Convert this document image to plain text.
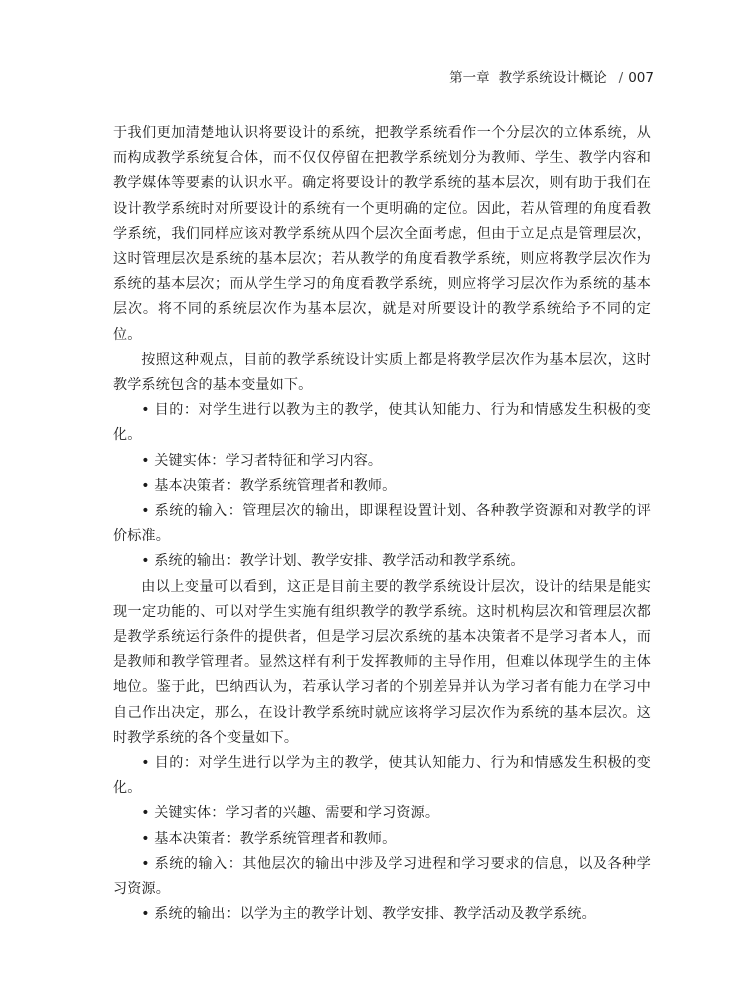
第一章 教学系统设计概论 / 007

于我们更加清楚地认识将要设计的系统，把教学系统看作一个分层次的立体系统，从而构成教学系统复合体，而不仅仅停留在把教学系统划分为教师、学生、教学内容和教学媒体等要素的认识水平。确定将要设计的教学系统的基本层次，则有助于我们在设计教学系统时对所要设计的系统有一个更明确的定位。因此，若从管理的角度看教学系统，我们同样应该对教学系统从四个层次全面考虑，但由于立足点是管理层次，这时管理层次是系统的基本层次；若从教学的角度看教学系统，则应将教学层次作为系统的基本层次；而从学生学习的角度看教学系统，则应将学习层次作为系统的基本层次。将不同的系统层次作为基本层次，就是对所要设计的教学系统给予不同的定位。

按照这种观点，目前的教学系统设计实质上都是将教学层次作为基本层次，这时教学系统包含的基本变量如下。

• 目的：对学生进行以教为主的教学，使其认知能力、行为和情感发生积极的变化。

• 关键实体：学习者特征和学习内容。

• 基本决策者：教学系统管理者和教师。

• 系统的输入：管理层次的输出，即课程设置计划、各种教学资源和对教学的评价标准。

• 系统的输出：教学计划、教学安排、教学活动和教学系统。

由以上变量可以看到，这正是目前主要的教学系统设计层次，设计的结果是能实现一定功能的、可以对学生实施有组织教学的教学系统。这时机构层次和管理层次都是教学系统运行条件的提供者，但是学习层次系统的基本决策者不是学习者本人，而是教师和教学管理者。显然这样有利于发挥教师的主导作用，但难以体现学生的主体地位。鉴于此，巴纳西认为，若承认学习者的个别差异并认为学习者有能力在学习中自己作出决定，那么，在设计教学系统时就应该将学习层次作为系统的基本层次。这时教学系统的各个变量如下。

• 目的：对学生进行以学为主的教学，使其认知能力、行为和情感发生积极的变化。

• 关键实体：学习者的兴趣、需要和学习资源。

• 基本决策者：教学系统管理者和教师。

• 系统的输入：其他层次的输出中涉及学习进程和学习要求的信息，以及各种学习资源。

• 系统的输出：以学为主的教学计划、教学安排、教学活动及教学系统。
